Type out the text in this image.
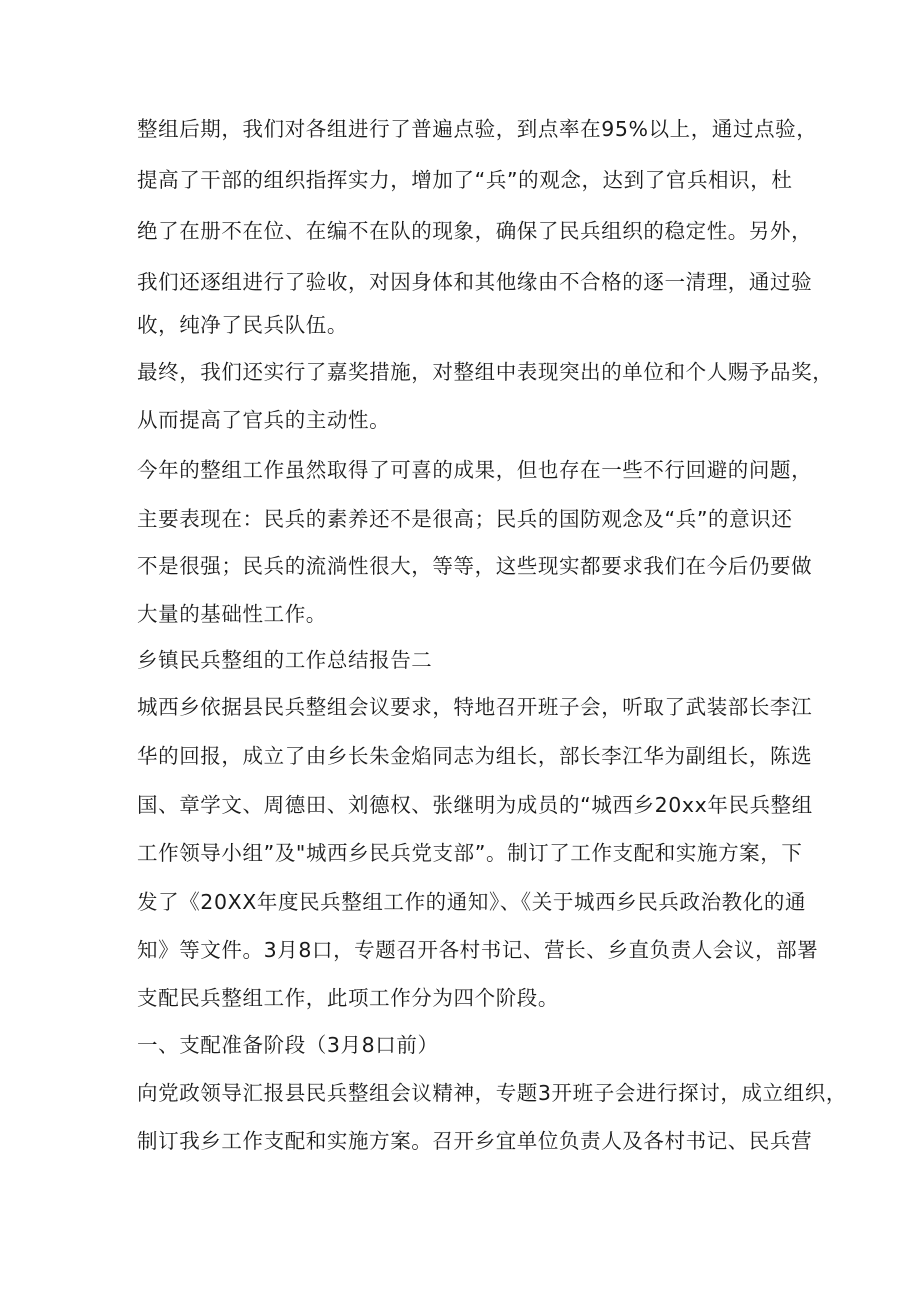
整组后期，我们对各组进行了普遍点验，到点率在95%以上，通过点验，
提高了干部的组织指挥实力，增加了“兵”的观念，达到了官兵相识，杜
绝了在册不在位、在编不在队的现象，确保了民兵组织的稳定性。另外，
我们还逐组进行了验收，对因身体和其他缘由不合格的逐一清理，通过验
收，纯净了民兵队伍。
最终，我们还实行了嘉奖措施，对整组中表现突出的单位和个人赐予品奖，
从而提高了官兵的主动性。
今年的整组工作虽然取得了可喜的成果，但也存在一些不行回避的问题，
主要表现在：民兵的素养还不是很高；民兵的国防观念及“兵”的意识还
不是很强；民兵的流淌性很大，等等，这些现实都要求我们在今后仍要做
大量的基础性工作。
乡镇民兵整组的工作总结报告二
城西乡依据县民兵整组会议要求，特地召开班子会，听取了武装部长李江
华的回报，成立了由乡长朱金焰同志为组长，部长李江华为副组长，陈选
国、章学文、周德田、刘德权、张继明为成员的“城西乡20xx年民兵整组
工作领导小组”及"城西乡民兵党支部”。制订了工作支配和实施方案，下
发了《20XX年度民兵整组工作的通知》、《关于城西乡民兵政治教化的通
知》等文件。3月8口，专题召开各村书记、营长、乡直负责人会议，部署
支配民兵整组工作，此项工作分为四个阶段。
一、支配准备阶段（3月8口前）
向党政领导汇报县民兵整组会议精神，专题3开班子会进行探讨，成立组织，
制订我乡工作支配和实施方案。召开乡宜单位负责人及各村书记、民兵营
